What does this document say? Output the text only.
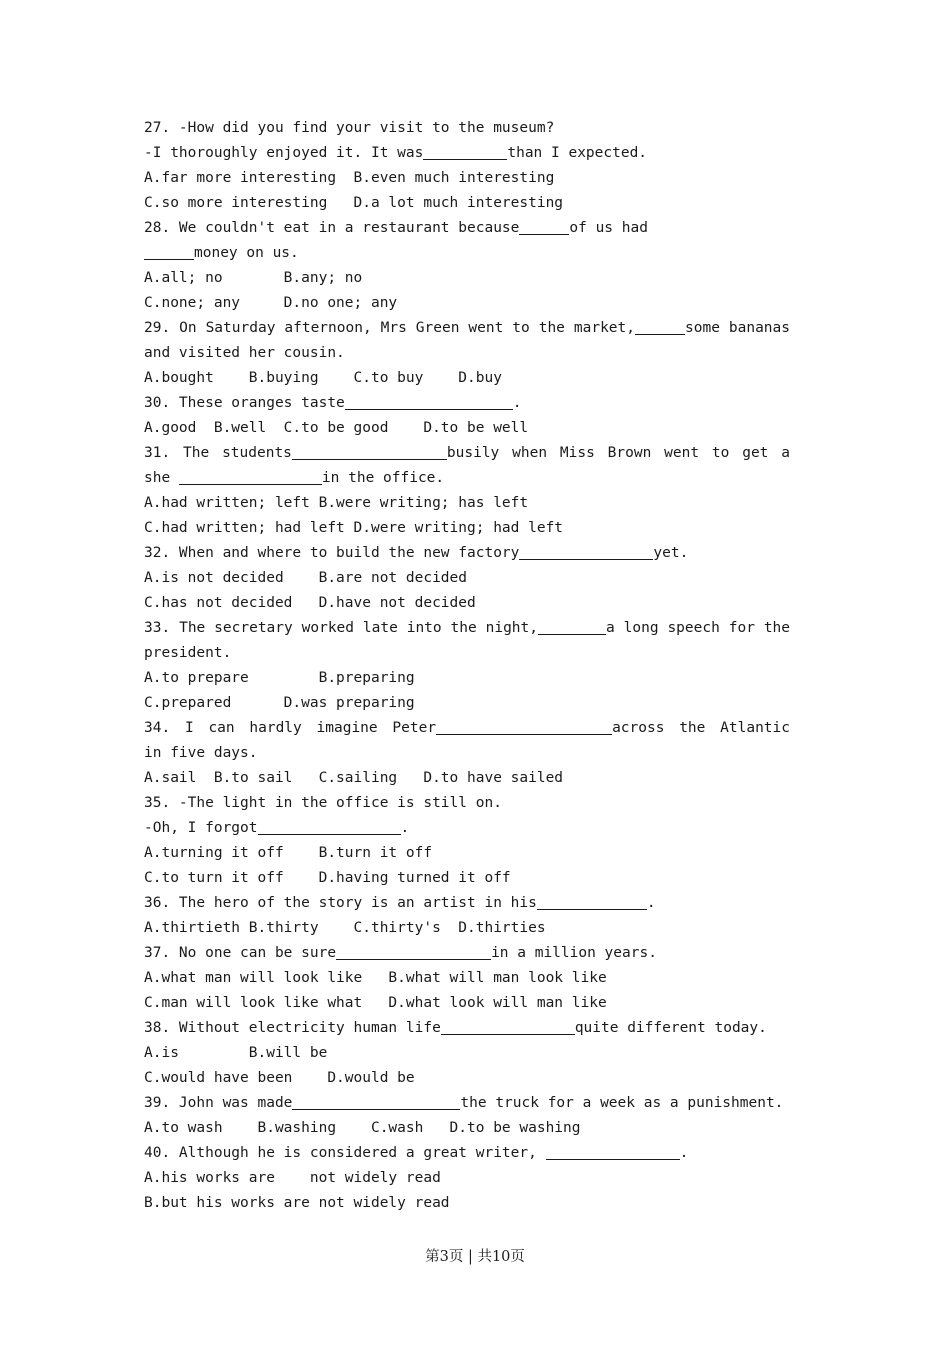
27. -How did you find your visit to the museum?
-I thoroughly enjoyed it. It was	than I expected.
A.far more interesting  B.even much interesting
C.so more interesting   D.a lot much interesting
28. We couldn't eat in a restaurant because	of us had
money on us.
A.all; no       B.any; no
C.none; any     D.no one; any
29. On Saturday afternoon, Mrs Green went to the market,	some bananas
and visited her cousin.
A.bought    B.buying    C.to buy    D.buy
30. These oranges taste	.
A.good  B.well  C.to be good    D.to be well
31. The students	busily when Miss Brown went to get a
she	in the office.
A.had written; left B.were writing; has left
C.had written; had left D.were writing; had left
32. When and where to build the new factory	yet.
A.is not decided    B.are not decided
C.has not decided   D.have not decided
33. The secretary worked late into the night,	a long speech for the
president.
A.to prepare        B.preparing
C.prepared      D.was preparing
34. I can hardly imagine Peter	across the Atlantic
in five days.
A.sail  B.to sail   C.sailing   D.to have sailed
35. -The light in the office is still on.
-Oh, I forgot	.
A.turning it off    B.turn it off
C.to turn it off    D.having turned it off
36. The hero of the story is an artist in his	.
A.thirtieth B.thirty    C.thirty's  D.thirties
37. No one can be sure	in a million years.
A.what man will look like   B.what will man look like
C.man will look like what   D.what look will man like
38. Without electricity human life	quite different today.
A.is        B.will be
C.would have been    D.would be
39. John was made	the truck for a week as a punishment.
A.to wash    B.washing    C.wash   D.to be washing
40. Although he is considered a great writer,	.
A.his works are    not widely read
B.but his works are not widely read
第3页 | 共10页
